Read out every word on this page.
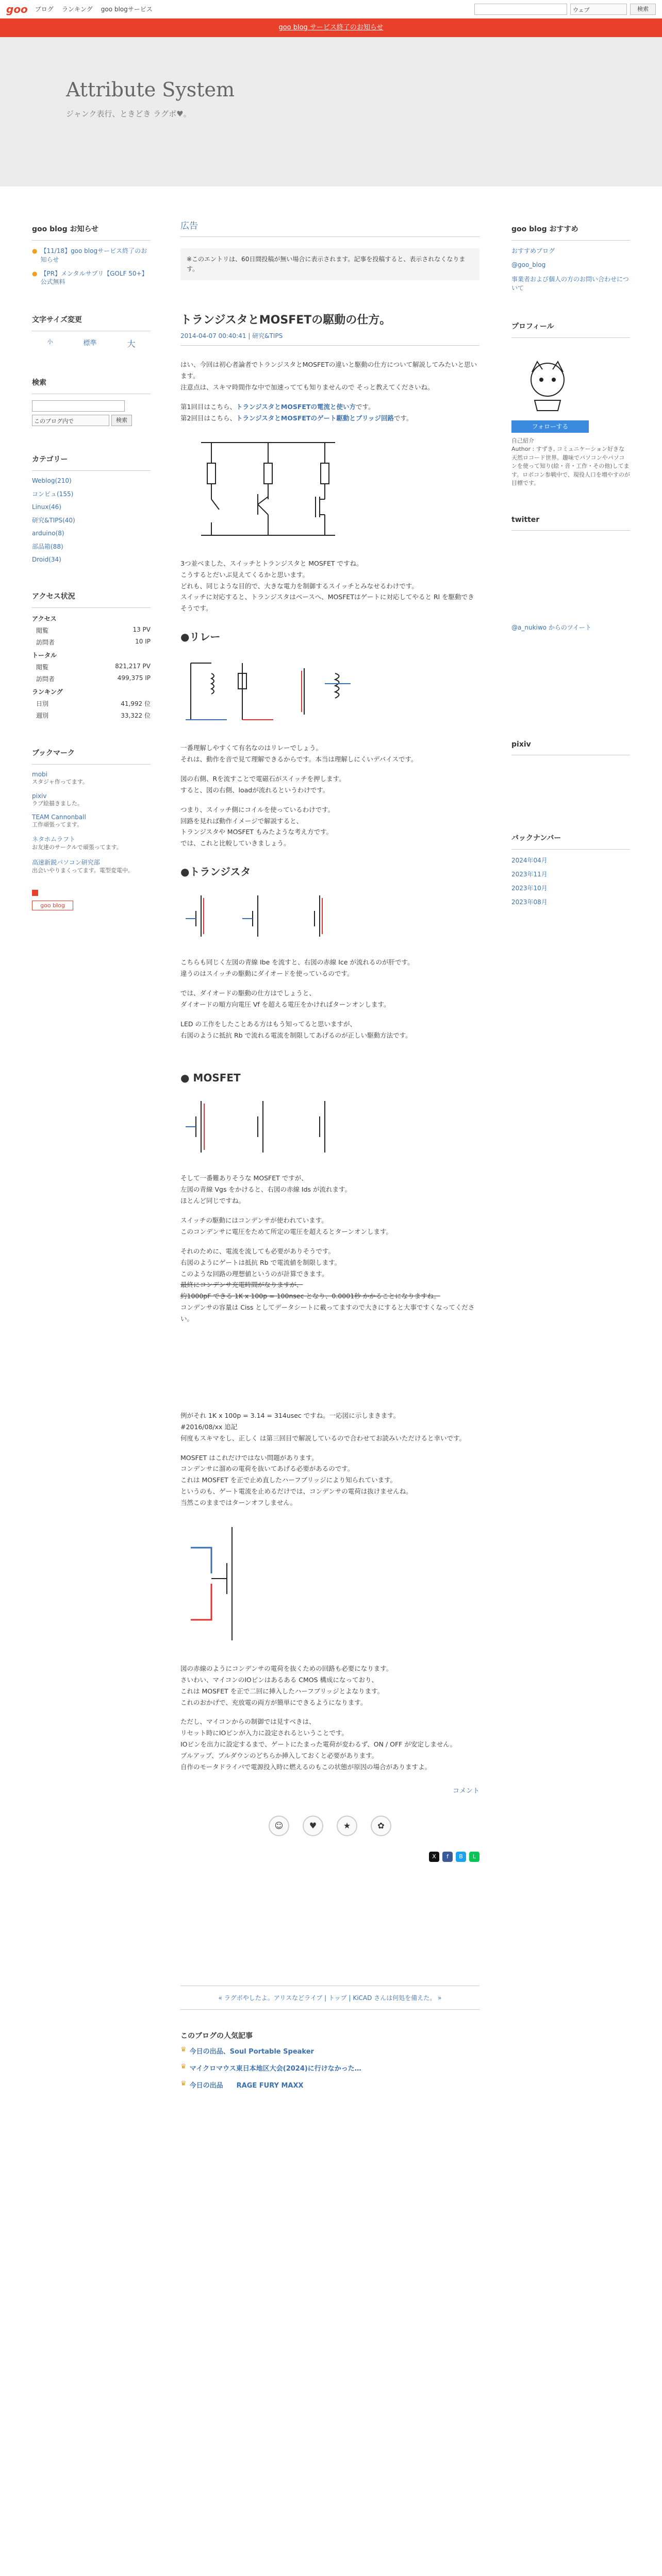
goo ブログ ランキング goo blogサービス	ウェブ	検索
goo blog サービス終了のお知らせ
Attribute System

ジャンク表行、ときどき ラグボ♥。

goo blog お知らせ
● 【11/18】goo blogサービス終了のお知らせ
● 【PR】メンタルサプリ【GOLF 50+】公式無料
文字サイズ変更
小	標準	大
検索
このブログ内で	検索
カテゴリー
Weblog(210)
コンピュ(155)
Linux(46)
研究&TIPS(40)
arduino(8)
部品箱(88)
Droid(34)
アクセス状況
アクセス
閲覧	13 PV
訪問者	10 IP
トータル
閲覧	821,217 PV
訪問者	499,375 IP
ランキング
日別	41,992 位
週別	33,322 位
ブックマーク
mobi

スタジャ作ってます。

pixiv

ラブ絵描きました。

TEAM Cannonball

工作頑張ってます。

ネタホムラフト

お友達のサークルで頑張ってます。

高速新鋭パソコン研究部

出会いやりまくってます。電型変電中。

goo blog
広告
※このエントリは、60日間投稿が無い場合に表示されます。記事を投稿すると、表示されなくなります。
トランジスタとMOSFETの駆動の仕方。
2014-04-07 00:40:41 | 研究&TIPS
はい、今回は初心者論者でトランジスタとMOSFETの違いと駆動の仕方について解説してみたいと思います。
注意点は、スキマ時間作な中で加速ってても知りませんので そっと教えてくださいね。
第1回目はこちら、トランジスタとMOSFETの電流と使い方です。
第2回目はこちら、トランジスタとMOSFETのゲート駆動とブリッジ回路です。
3つ並べました、スイッチとトランジスタと MOSFET ですね。
こうするとだいぶ見えてくるかと思います。
どれも、同じような目的で、大きな電力を制御するスイッチとみなせるわけです。
スイッチに対応すると、トランジスタはベースへ、MOSFETはゲートに対応してやると Rl を駆動できそうです。
●リレー
一番理解しやすくて有名なのはリレーでしょう。
それは、動作を音で見て理解できるからです。本当は理解しにくいデバイスです。
図の右側、Rを流すことで電磁石がスイッチを押します。
すると、図の右側、loadが流れるというわけです。
つまり、スイッチ側にコイルを使っているわけです。
回路を見れば動作イメージで解説すると、
トランジスタや MOSFET もみたような考え方です。
では、これと比較していきましょう。
●トランジスタ
こちらも同じく左図の青線 Ibe を流すと、右図の赤線 Ice が流れるのが肝です。
違うのはスイッチの駆動にダイオードを使っているのです。
では、ダイオードの駆動の仕方はでしょうと、
ダイオードの順方向電圧 Vf を超える電圧をかければターンオンします。
LED の工作をしたことある方はもう知ってると思いますが、
右図のように抵抗 Rb で流れる電流を制限してあげるのが正しい駆動方法です。
● MOSFET
そして一番難ありそうな MOSFET ですが、
左図の青線 Vgs をかけると、右図の赤線 Ids が流れます。
ほとんど同じですね。
スイッチの駆動にはコンデンサが使われています。
このコンデンサに電圧をためて所定の電圧を超えるとターンオンします。
それのために、電流を流しても必要がありそうです。
右図のようにゲートは抵抗 Rb で電流値を制限します。
このような回路の理想値というのが計算できます。
最終にコンデンサ充電時間がなりますが、
約1000pF できる 1K x 100p = 100nsec となり、0.0001秒 かかることになりますね。
コンデンサの容量は Ciss としてデータシートに載ってますので大きにすると大事ですくなってください。
例がそれ 1K x 100p = 3.14 = 314usec ですね。一応図に示しまきます。
#2016/08/xx 追記
何度もスキマをし、正しく は第三回目で解説しているので合わせてお読みいただけると幸いです。
MOSFET はこれだけではない問題があります。
コンデンサに溜めの電荷を抜いてあげる必要があるのです。
これは MOSFET を正で止め直したハーフブリッジにより知られています。
というのも、ゲート電流を止めるだけでは、コンデンサの電荷は抜けませんね。
当然このままではターンオフしません。
図の赤線のようにコンデンサの電荷を抜くための回路も必要になります。
さいわい、マイコンのIOピンはあるある CMOS 構成になっており、
これは MOSFET を正で二回に挿入したハーフブリッジとよなります。
これのおかげで、充放電の両方が簡単にできるようになります。
ただし、マイコンからの制御では見すべきは、
リセット時にIOピンが入力に設定されるということです。
IOピンを出力に設定するまで、ゲートにたまった電荷が変わるず、ON / OFF が安定しません。
プルアップ、プルダウンのどちらか挿入しておくと必要があります。
自作のモータドライバで電源投入時に燃えるのもこの状態が原因の場合がありますよ。
コメント
☺	♥	★	✿
X	f	B	L
« ラグボやしたよ。アリスなどライブ | トップ | KiCAD さんは何処を備えた。 »
このブログの人気記事
♛ 今日の出品、Soul Portable Speaker
♛ マイクロマウス東日本地区大会(2024)に行けなかった…
♛ 今日の出品　　RAGE FURY MAXX
goo blog おすすめ
おすすめブログ
@goo_blog
事業者および個人の方のお問い合わせについて
プロフィール
フォローする
自己紹介
Author : すずき, コミュニケーション好きな天然ロコード世界。趣味でパソコンやパソコンを使って知り(絵・音・工作・その他)してます。ロボコン参戦中で、現役人口を増やすのが目標です。
twitter
@a_nukiwo からのツイート
pixiv
バックナンバー
2024年04月
2023年11月
2023年10月
2023年08月
